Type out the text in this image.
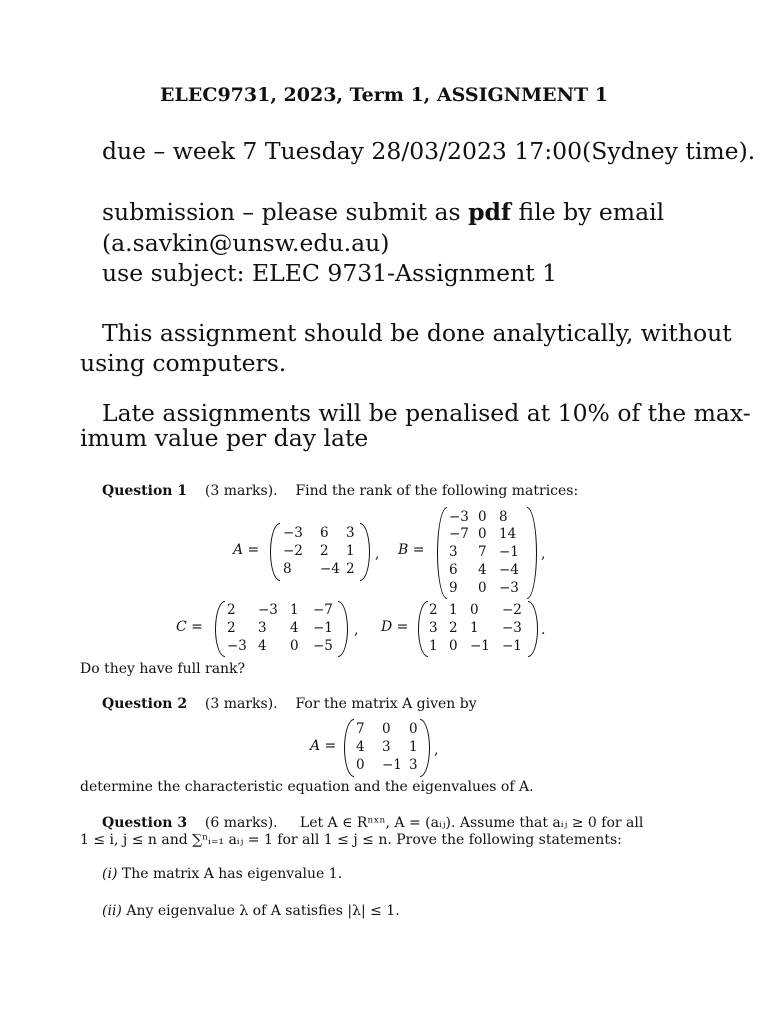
ELEC9731, 2023, Term 1, ASSIGNMENT 1
due – week 7 Tuesday 28/03/2023 17:00(Sydney time).
submission – please submit as pdf file by email
(a.savkin@unsw.edu.au)
use subject: ELEC 9731-Assignment 1
This assignment should be done analytically, without
using computers.
Late assignments will be penalised at 10% of the max-
imum value per day late
Question 1 (3 marks). Find the rank of the following matrices:
A =
−3 6 3
−2 2 1
8 −4 2
, B =
−3 0 8
−7 0 14
3 7 −1
6 4 −4
9 0 −3
,
C =
2 −3 1 −7
2 3 4 −1
−3 4 0 −5
, D =
2 1 0 −2
3 2 1 −3
1 0 −1 −1
.
Do they have full rank?
Question 2 (3 marks). For the matrix A given by
A =
7 0 0
4 3 1
0 −1 3
,
determine the characteristic equation and the eigenvalues of A.
Question 3 (6 marks). Let A ∈ Rⁿˣⁿ, A = (aᵢⱼ). Assume that aᵢⱼ ≥ 0 for all
1 ≤ i, j ≤ n and ∑ⁿᵢ₌₁ aᵢⱼ = 1 for all 1 ≤ j ≤ n. Prove the following statements:
(i) The matrix A has eigenvalue 1.
(ii) Any eigenvalue λ of A satisfies |λ| ≤ 1.
